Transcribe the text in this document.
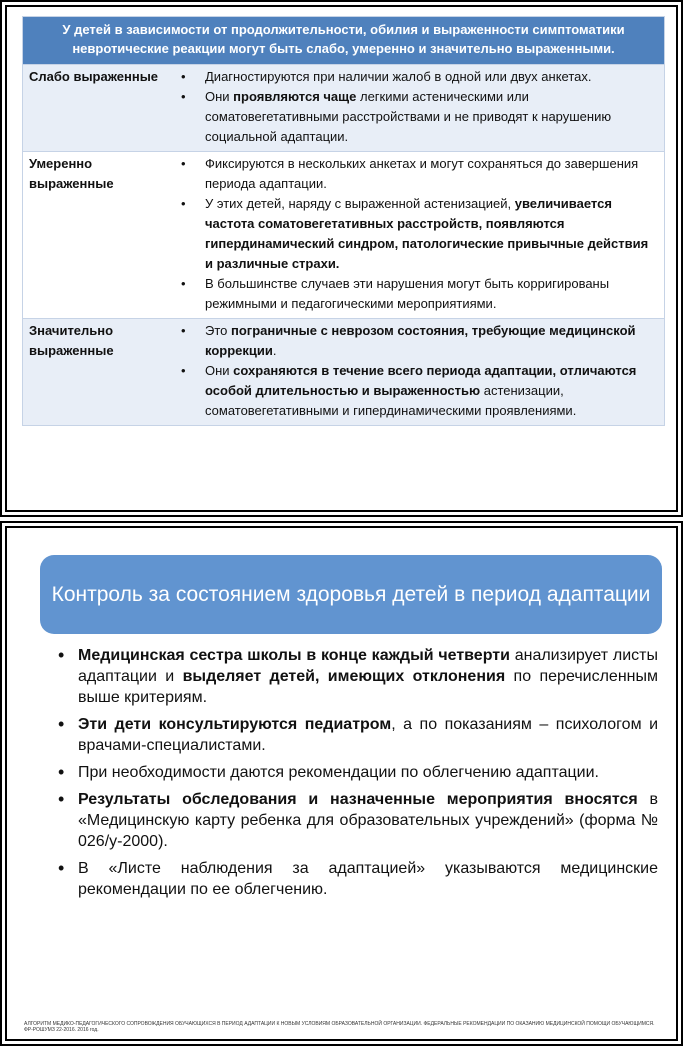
У детей в зависимости от продолжительности, обилия и выраженности симптоматики невротические реакции могут быть слабо, умеренно и значительно выраженными.
Слабо выраженные
•	Диагностируются при наличии жалоб в одной или двух анкетах.
• Они проявляются чаще легкими астеническими или соматовегетативными расстройствами и не приводят к нарушению социальной адаптации.
Умеренно выраженные
• Фиксируются в нескольких анкетах и могут сохраняться до завершения периода адаптации.
• У этих детей, наряду с выраженной астенизацией, увеличивается частота соматовегетативных расстройств, появляются гипердинамический синдром, патологические привычные действия и различные страхи.
• В большинстве случаев эти нарушения могут быть корригированы режимными и педагогическими мероприятиями.
Значительно выраженные
• Это пограничные с неврозом состояния, требующие медицинской коррекции.
• Они сохраняются в течение всего периода адаптации, отличаются особой длительностью и выраженностью астенизации, соматовегетативными и гипердинамическими проявлениями.
Контроль за состоянием здоровья детей в период адаптации
• Медицинская сестра школы в конце каждый четверти анализирует листы адаптации и выделяет детей, имеющих отклонения по перечисленным выше критериям.
• Эти дети консультируются педиатром, а по показаниям – психологом и врачами-специалистами.
• При необходимости даются рекомендации по облегчению адаптации.
• Результаты обследования и назначенные мероприятия вносятся в «Медицинскую карту ребенка для образовательных учреждений» (форма № 026/у-2000).
• В «Листе наблюдения за адаптацией» указываются медицинские рекомендации по ее облегчению.
АЛГОРИТМ МЕДИКО-ПЕДАГОГИЧЕСКОГО СОПРОВОЖДЕНИЯ ОБУЧАЮЩИХСЯ В ПЕРИОД АДАПТАЦИИ К НОВЫМ УСЛОВИЯМ ОБРАЗОВАТЕЛЬНОЙ ОРГАНИЗАЦИИ. ФЕДЕРАЛЬНЫЕ РЕКОМЕНДАЦИИ ПО ОКАЗАНИЮ МЕДИЦИНСКОЙ ПОМОЩИ ОБУЧАЮЩИМСЯ. ФР-РОШУМЗ 22-2016. 2016 год.
